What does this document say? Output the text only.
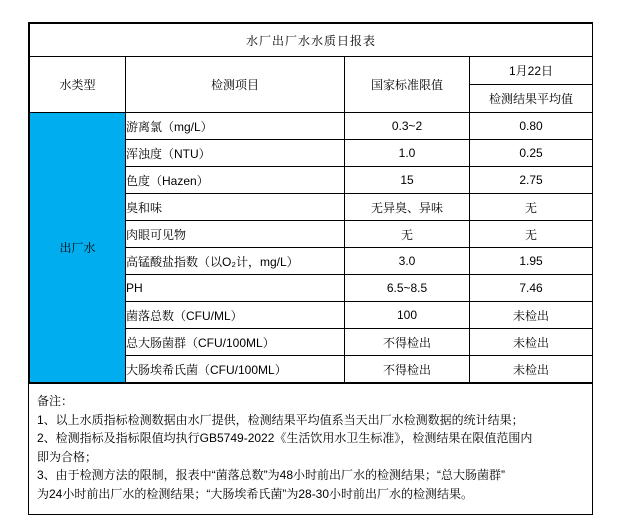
水厂出厂水水质日报表			
水类型	检测项目	国家标准限值	1月22日
			检测结果平均值
出厂水	游离氯（mg/L）	0.3~2	0.80
	浑浊度（NTU）	1.0	0.25
	色度（Hazen）	15	2.75
	臭和味	无异臭、异味	无
	肉眼可见物	无	无
	高锰酸盐指数（以O₂计，mg/L）	3.0	1.95
	PH	6.5~8.5	7.46
	菌落总数（CFU/ML）	100	未检出
	总大肠菌群（CFU/100ML）	不得检出	未检出
	大肠埃希氏菌（CFU/100ML）	不得检出	未检出
备注：
1、以上水质指标检测数据由水厂提供，检测结果平均值系当天出厂水检测数据的统计结果；
2、检测指标及指标限值均执行GB5749-2022《生活饮用水卫生标准》，检测结果在限值范围内
即为合格；
3、由于检测方法的限制，报表中“菌落总数”为48小时前出厂水的检测结果；“总大肠菌群”
为24小时前出厂水的检测结果；“大肠埃希氏菌”为28-30小时前出厂水的检测结果。
